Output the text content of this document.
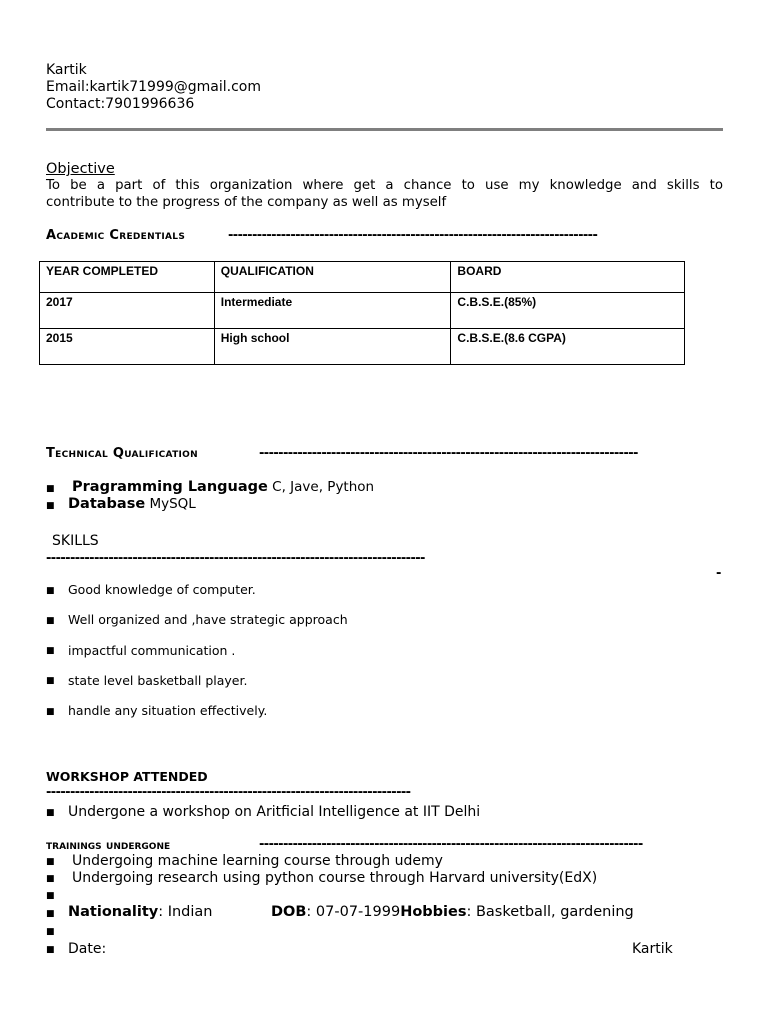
Kartik
Email:kartik71999@gmail.com
Contact:7901996636
Objective
To be a part of this organization where get a chance to use my knowledge and skills to
contribute to the progress of the company as well as myself
Academic Credentials	-----------------------------------------------------------------------------
YEAR COMPLETED	QUALIFICATION	BOARD
2017	Intermediate	C.B.S.E.(85%)
2015	High school	C.B.S.E.(8.6 CGPA)
Technical Qualification	-------------------------------------------------------------------------------
■ Pragramming Language C, Jave, Python
■ Database MySQL
SKILLS
-------------------------------------------------------------------------------
-
■ Good knowledge of computer.
■ Well organized and ,have strategic approach
■ impactful communication .
■ state level basketball player.
■ handle any situation effectively.
WORKSHOP ATTENDED
----------------------------------------------------------------------------
■ Undergone a workshop on Aritficial Intelligence at IIT Delhi
trainings undergone	--------------------------------------------------------------------------------
■ Undergoing machine learning course through udemy
■ Undergoing research using python course through Harvard university(EdX)
■
■ Nationality: Indian	DOB: 07-07-1999Hobbies: Basketball, gardening
■
■ Date:	Kartik
